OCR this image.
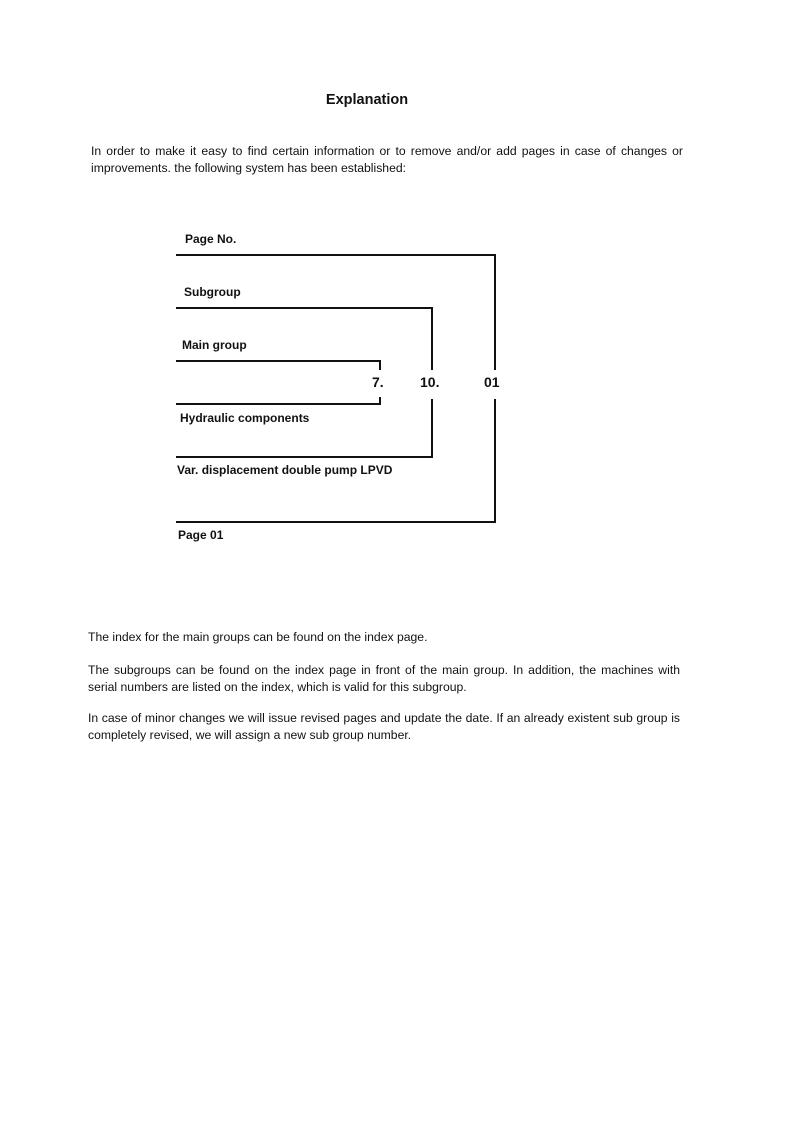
Explanation

In order to make it easy to find certain information or to remove and/or add pages in case of changes or improvements. the following system has been established:

Page No.
Subgroup
Main group
Hydraulic components
Var. displacement double pump LPVD
Page 01
7.	10.	01

The index for the main groups can be found on the index page.

The subgroups can be found on the index page in front of the main group. In addition, the machines with serial numbers are listed on the index, which is valid for this subgroup.

In case of minor changes we will issue revised pages and update the date. If an already existent sub group is completely revised, we will assign a new sub group number.
